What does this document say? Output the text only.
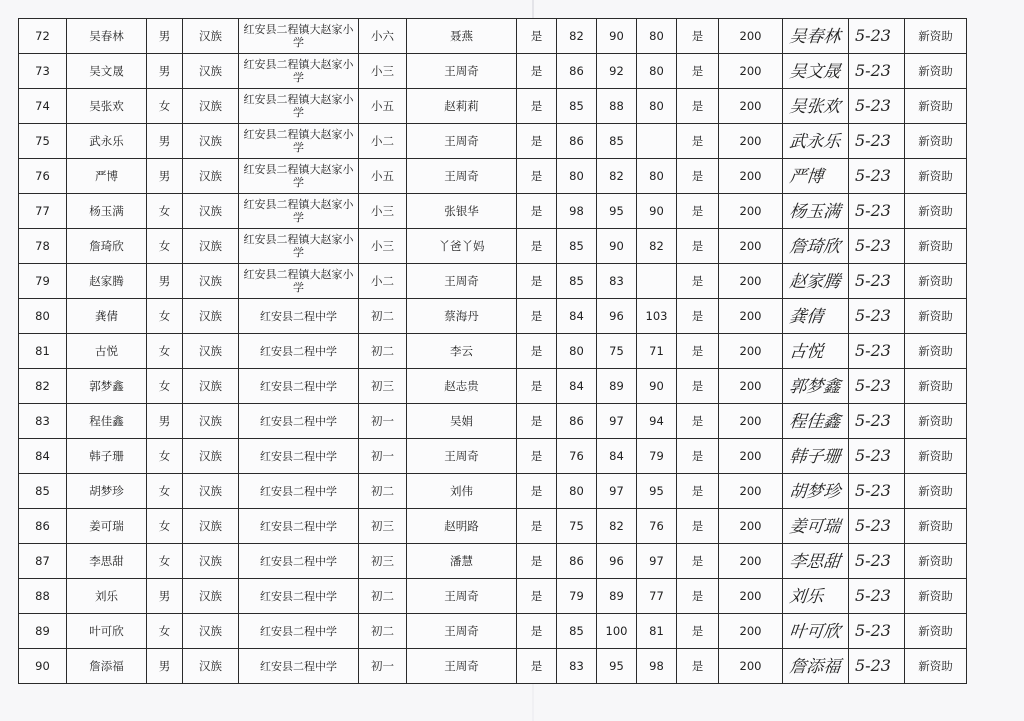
72	吴春林	男	汉族	红安县二程镇大赵家小学	小六	聂燕	是	82	90	80	是	200	吴春林	5-23	新资助
73	吴文晟	男	汉族	红安县二程镇大赵家小学	小三	王周奇	是	86	92	80	是	200	吴文晟	5-23	新资助
74	吴张欢	女	汉族	红安县二程镇大赵家小学	小五	赵莉莉	是	85	88	80	是	200	吴张欢	5-23	新资助
75	武永乐	男	汉族	红安县二程镇大赵家小学	小二	王周奇	是	86	85		是	200	武永乐	5-23	新资助
76	严博	男	汉族	红安县二程镇大赵家小学	小五	王周奇	是	80	82	80	是	200	严博	5-23	新资助
77	杨玉满	女	汉族	红安县二程镇大赵家小学	小三	张银华	是	98	95	90	是	200	杨玉满	5-23	新资助
78	詹琦欣	女	汉族	红安县二程镇大赵家小学	小三	丫爸丫妈	是	85	90	82	是	200	詹琦欣	5-23	新资助
79	赵家腾	男	汉族	红安县二程镇大赵家小学	小二	王周奇	是	85	83		是	200	赵家腾	5-23	新资助
80	龚倩	女	汉族	红安县二程中学	初二	蔡海丹	是	84	96	103	是	200	龚倩	5-23	新资助
81	古悦	女	汉族	红安县二程中学	初二	李云	是	80	75	71	是	200	古悦	5-23	新资助
82	郭梦鑫	女	汉族	红安县二程中学	初三	赵志贵	是	84	89	90	是	200	郭梦鑫	5-23	新资助
83	程佳鑫	男	汉族	红安县二程中学	初一	吴娟	是	86	97	94	是	200	程佳鑫	5-23	新资助
84	韩子珊	女	汉族	红安县二程中学	初一	王周奇	是	76	84	79	是	200	韩子珊	5-23	新资助
85	胡梦珍	女	汉族	红安县二程中学	初二	刘伟	是	80	97	95	是	200	胡梦珍	5-23	新资助
86	姜可瑞	女	汉族	红安县二程中学	初三	赵明路	是	75	82	76	是	200	姜可瑞	5-23	新资助
87	李思甜	女	汉族	红安县二程中学	初三	潘慧	是	86	96	97	是	200	李思甜	5-23	新资助
88	刘乐	男	汉族	红安县二程中学	初二	王周奇	是	79	89	77	是	200	刘乐	5-23	新资助
89	叶可欣	女	汉族	红安县二程中学	初二	王周奇	是	85	100	81	是	200	叶可欣	5-23	新资助
90	詹添福	男	汉族	红安县二程中学	初一	王周奇	是	83	95	98	是	200	詹添福	5-23	新资助
